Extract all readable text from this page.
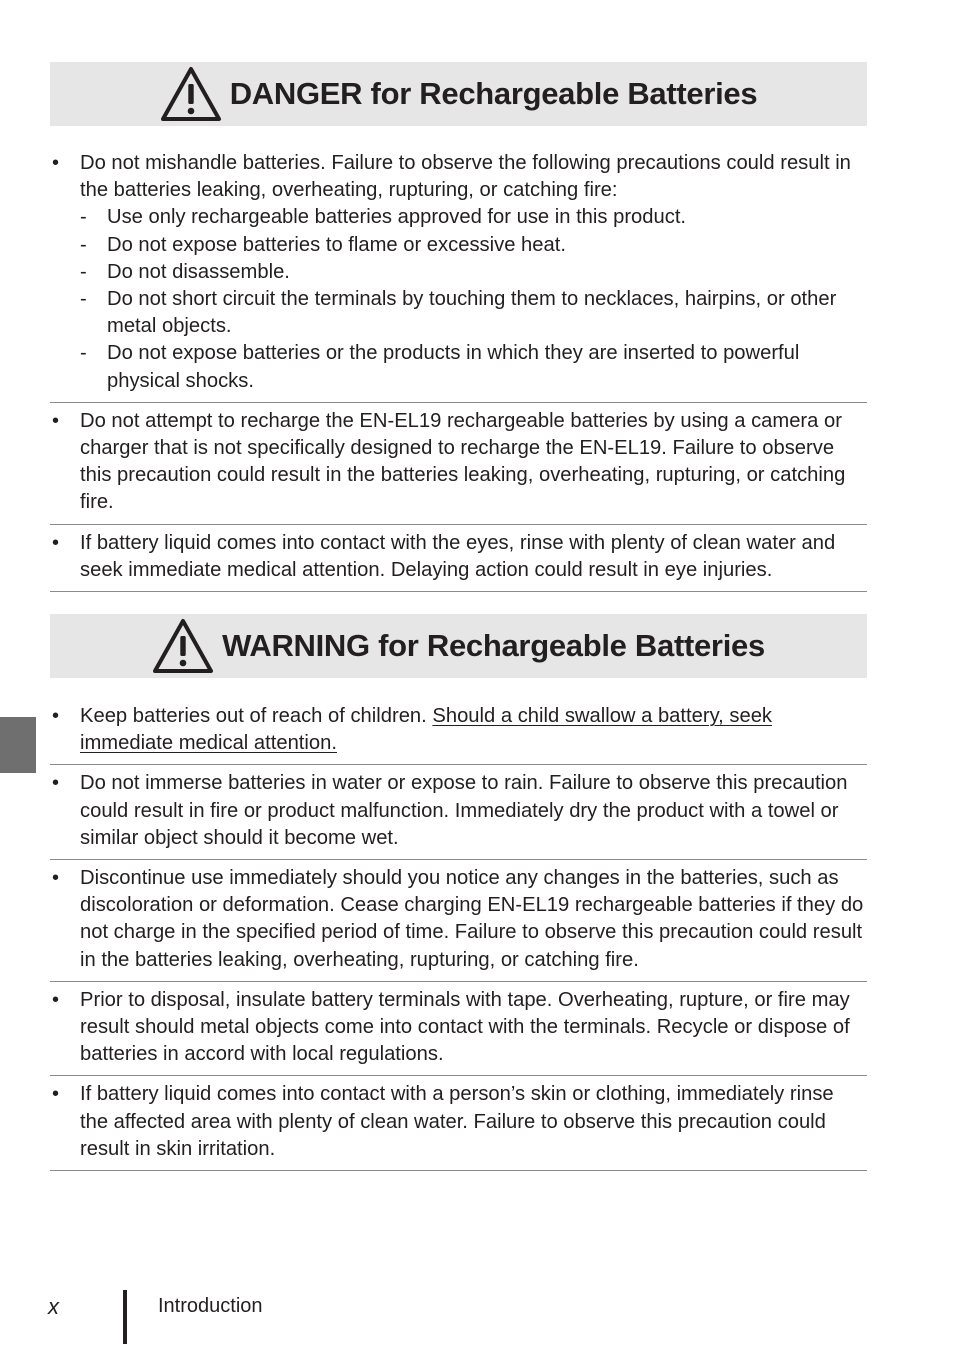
DANGER for Rechargeable Batteries
• Do not mishandle batteries. Failure to observe the following precautions could result in the batteries leaking, overheating, rupturing, or catching fire:

- Use only rechargeable batteries approved for use in this product.
- Do not expose batteries to flame or excessive heat.
- Do not disassemble.
- Do not short circuit the terminals by touching them to necklaces, hairpins, or other metal objects.
- Do not expose batteries or the products in which they are inserted to powerful physical shocks.
• Do not attempt to recharge the EN-EL19 rechargeable batteries by using a camera or charger that is not specifically designed to recharge the EN-EL19. Failure to observe this precaution could result in the batteries leaking, overheating, rupturing, or catching fire.

• If battery liquid comes into contact with the eyes, rinse with plenty of clean water and seek immediate medical attention. Delaying action could result in eye injuries.

WARNING for Rechargeable Batteries
• Keep batteries out of reach of children. Should a child swallow a battery, seek immediate medical attention.

• Do not immerse batteries in water or expose to rain. Failure to observe this precaution could result in fire or product malfunction. Immediately dry the product with a towel or similar object should it become wet.

• Discontinue use immediately should you notice any changes in the batteries, such as discoloration or deformation. Cease charging EN-EL19 rechargeable batteries if they do not charge in the specified period of time. Failure to observe this precaution could result in the batteries leaking, overheating, rupturing, or catching fire.

• Prior to disposal, insulate battery terminals with tape. Overheating, rupture, or fire may result should metal objects come into contact with the terminals. Recycle or dispose of batteries in accord with local regulations.

• If battery liquid comes into contact with a person’s skin or clothing, immediately rinse the affected area with plenty of clean water. Failure to observe this precaution could result in skin irritation.

x	Introduction
